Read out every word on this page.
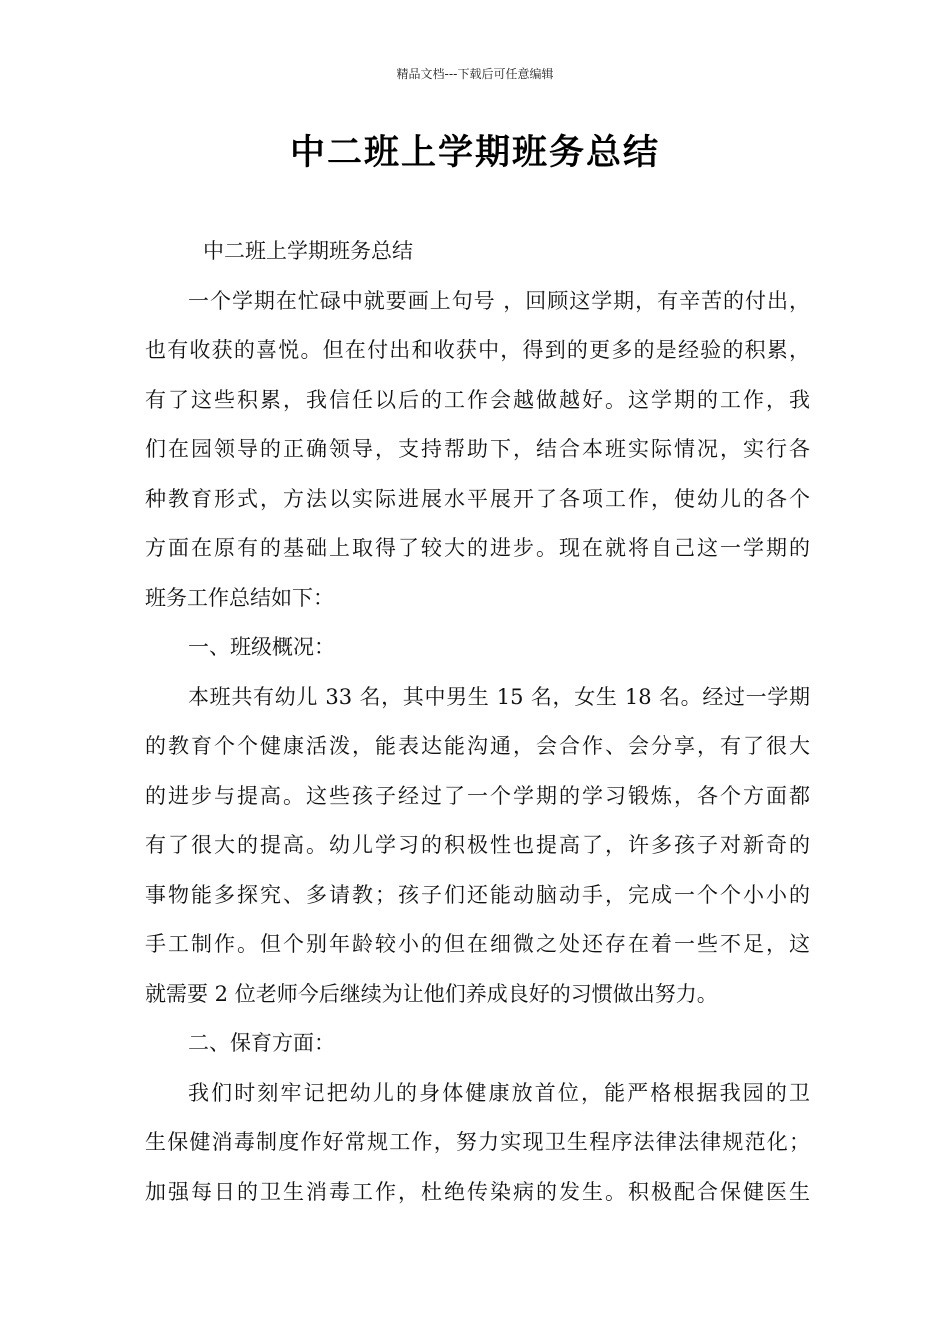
精品文档---下载后可任意编辑
中二班上学期班务总结
中二班上学期班务总结
一个学期在忙碌中就要画上句号 ，回顾这学期，有辛苦的付出，
也有收获的喜悦。但在付出和收获中，得到的更多的是经验的积累，
有了这些积累，我信任以后的工作会越做越好。这学期的工作，我
们在园领导的正确领导，支持帮助下，结合本班实际情况，实行各
种教育形式，方法以实际进展水平展开了各项工作，使幼儿的各个
方面在原有的基础上取得了较大的进步。现在就将自己这一学期的
班务工作总结如下：
一、班级概况：
本班共有幼儿 33 名，其中男生 15 名，女生 18 名。经过一学期
的教育个个健康活泼，能表达能沟通，会合作、会分享，有了很大
的进步与提高。这些孩子经过了一个学期的学习锻炼，各个方面都
有了很大的提高。幼儿学习的积极性也提高了，许多孩子对新奇的
事物能多探究、多请教；孩子们还能动脑动手，完成一个个小小的
手工制作。但个别年龄较小的但在细微之处还存在着一些不足，这
就需要 2 位老师今后继续为让他们养成良好的习惯做出努力。
二、保育方面：
我们时刻牢记把幼儿的身体健康放首位，能严格根据我园的卫
生保健消毒制度作好常规工作，努力实现卫生程序法律法律规范化；
加强每日的卫生消毒工作，杜绝传染病的发生。积极配合保健医生
